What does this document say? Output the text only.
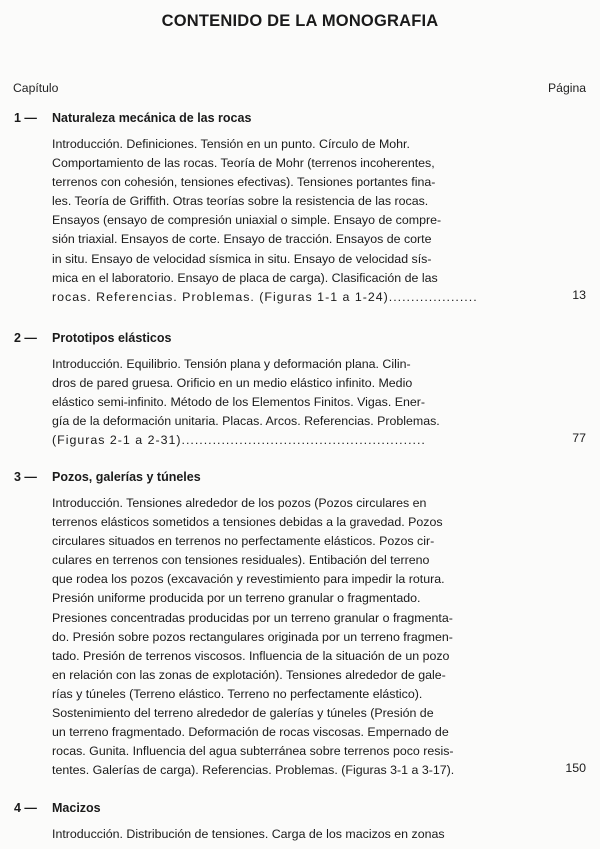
CONTENIDO DE LA MONOGRAFIA
Capítulo	Página
1 — Naturaleza mecánica de las rocas
Introducción. Definiciones. Tensión en un punto. Círculo de Mohr.
Comportamiento de las rocas. Teoría de Mohr (terrenos incoherentes,
terrenos con cohesión, tensiones efectivas). Tensiones portantes fina-
les. Teoría de Griffith. Otras teorías sobre la resistencia de las rocas.
Ensayos (ensayo de compresión uniaxial o simple. Ensayo de compre-
sión triaxial. Ensayos de corte. Ensayo de tracción. Ensayos de corte
in situ. Ensayo de velocidad sísmica in situ. Ensayo de velocidad sís-
mica en el laboratorio. Ensayo de placa de carga). Clasificación de las
rocas. Referencias. Problemas. (Figuras 1-1 a 1-24)....................	13
2 — Prototipos elásticos
Introducción. Equilibrio. Tensión plana y deformación plana. Cilin-
dros de pared gruesa. Orificio en un medio elástico infinito. Medio
elástico semi-infinito. Método de los Elementos Finitos. Vigas. Ener-
gía de la deformación unitaria. Placas. Arcos. Referencias. Problemas.
(Figuras 2-1 a 2-31).......................................................	77
3 — Pozos, galerías y túneles
Introducción. Tensiones alrededor de los pozos (Pozos circulares en
terrenos elásticos sometidos a tensiones debidas a la gravedad. Pozos
circulares situados en terrenos no perfectamente elásticos. Pozos cir-
culares en terrenos con tensiones residuales). Entibación del terreno
que rodea los pozos (excavación y revestimiento para impedir la rotura.
Presión uniforme producida por un terreno granular o fragmentado.
Presiones concentradas producidas por un terreno granular o fragmenta-
do. Presión sobre pozos rectangulares originada por un terreno fragmen-
tado. Presión de terrenos viscosos. Influencia de la situación de un pozo
en relación con las zonas de explotación). Tensiones alrededor de gale-
rías y túneles (Terreno elástico. Terreno no perfectamente elástico).
Sostenimiento del terreno alrededor de galerías y túneles (Presión de
un terreno fragmentado. Deformación de rocas viscosas. Empernado de
rocas. Gunita. Influencia del agua subterránea sobre terrenos poco resis-
tentes. Galerías de carga). Referencias. Problemas. (Figuras 3-1 a 3-17).	150
4 — Macizos
Introducción. Distribución de tensiones. Carga de los macizos en zonas
